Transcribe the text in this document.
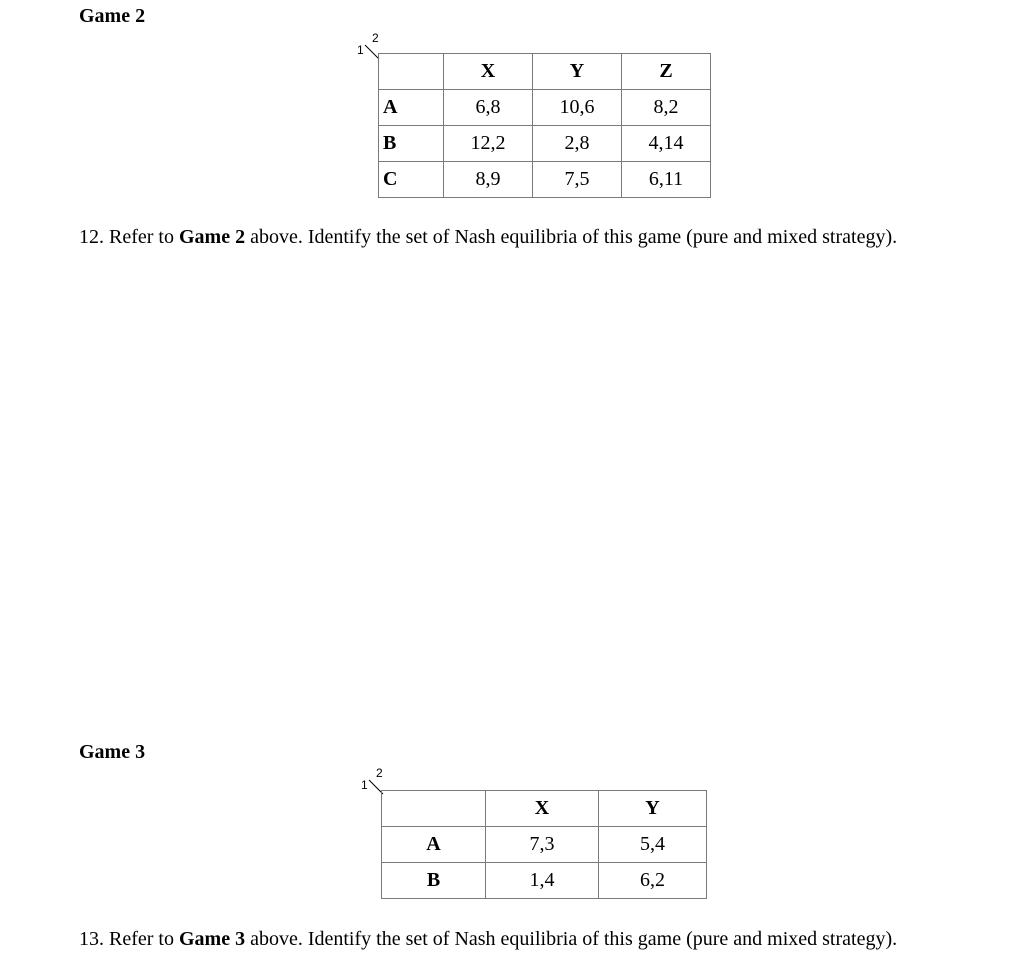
Game 2
2
1
	X	Y	Z
A	6,8	10,6	8,2
B	12,2	2,8	4,14
C	8,9	7,5	6,11

12. Refer to Game 2 above. Identify the set of Nash equilibria of this game (pure and mixed strategy).

Game 3
2
1
	X	Y
A	7,3	5,4
B	1,4	6,2

13. Refer to Game 3 above. Identify the set of Nash equilibria of this game (pure and mixed strategy).
